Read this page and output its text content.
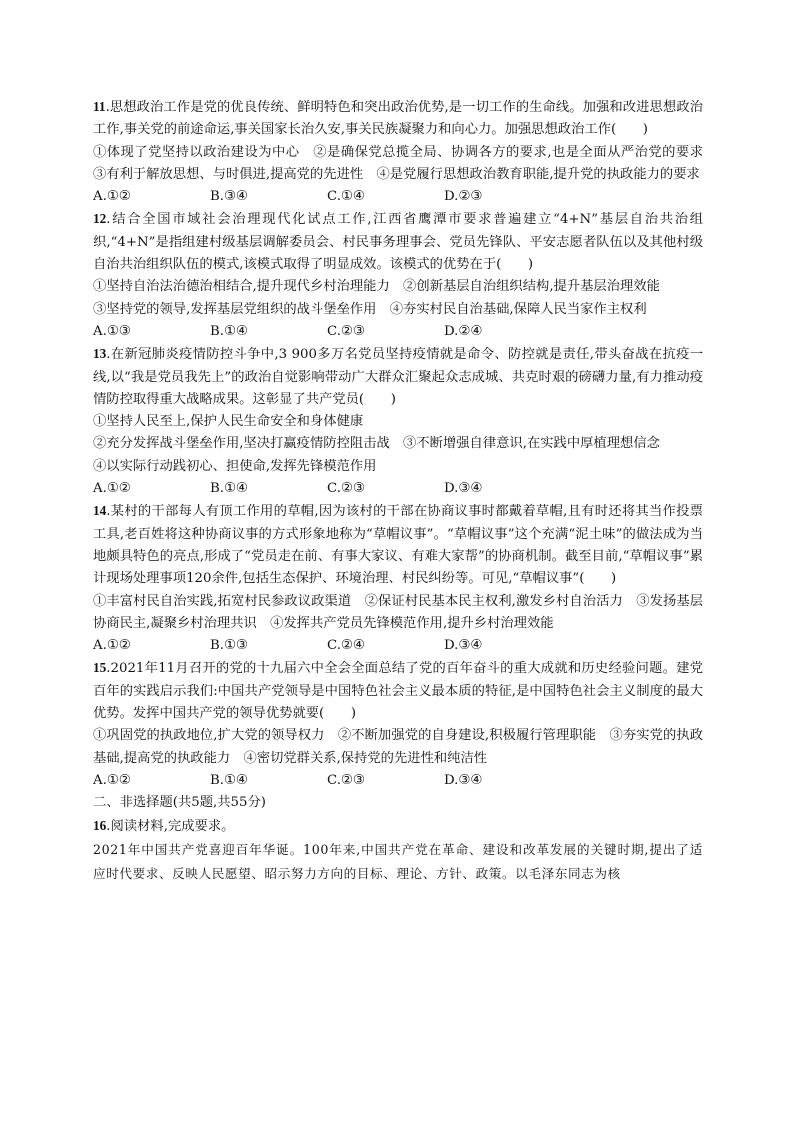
11.思想政治工作是党的优良传统、鲜明特色和突出政治优势,是一切工作的生命线。加强和改进思想政治工作,事关党的前途命运,事关国家长治久安,事关民族凝聚力和向心力。加强思想政治工作(　　)
①体现了党坚持以政治建设为中心　②是确保党总揽全局、协调各方的要求,也是全面从严治党的要求　③有利于解放思想、与时俱进,提高党的先进性　④是党履行思想政治教育职能,提升党的执政能力的要求
A.①②	B.③④	C.①④	D.②③
12.结合全国市域社会治理现代化试点工作,江西省鹰潭市要求普遍建立“4+N”基层自治共治组织,“4+N”是指组建村级基层调解委员会、村民事务理事会、党员先锋队、平安志愿者队伍以及其他村级自治共治组织队伍的模式,该模式取得了明显成效。该模式的优势在于(　　)
①坚持自治法治德治相结合,提升现代乡村治理能力　②创新基层自治组织结构,提升基层治理效能
③坚持党的领导,发挥基层党组织的战斗堡垒作用　④夯实村民自治基础,保障人民当家作主权利
A.①③	B.①④	C.②③	D.②④
13.在新冠肺炎疫情防控斗争中,3 900多万名党员坚持疫情就是命令、防控就是责任,带头奋战在抗疫一线,以“我是党员我先上”的政治自觉影响带动广大群众汇聚起众志成城、共克时艰的磅礴力量,有力推动疫情防控取得重大战略成果。这彰显了共产党员(　　)
①坚持人民至上,保护人民生命安全和身体健康
②充分发挥战斗堡垒作用,坚决打赢疫情防控阻击战　③不断增强自律意识,在实践中厚植理想信念
④以实际行动践初心、担使命,发挥先锋模范作用
A.①②	B.①④	C.②③	D.③④
14.某村的干部每人有顶工作用的草帽,因为该村的干部在协商议事时都戴着草帽,且有时还将其当作投票工具,老百姓将这种协商议事的方式形象地称为“草帽议事”。“草帽议事”这个充满“泥土味”的做法成为当地颇具特色的亮点,形成了“党员走在前、有事大家议、有难大家帮”的协商机制。截至目前,“草帽议事”累计现场处理事项120余件,包括生态保护、环境治理、村民纠纷等。可见,“草帽议事”(　　)
①丰富村民自治实践,拓宽村民参政议政渠道　②保证村民基本民主权利,激发乡村自治活力　③发扬基层协商民主,凝聚乡村治理共识　④发挥共产党员先锋模范作用,提升乡村治理效能
A.①②	B.①③	C.②④	D.③④
15.2021年11月召开的党的十九届六中全会全面总结了党的百年奋斗的重大成就和历史经验问题。建党百年的实践启示我们:中国共产党领导是中国特色社会主义最本质的特征,是中国特色社会主义制度的最大优势。发挥中国共产党的领导优势就要(　　)
①巩固党的执政地位,扩大党的领导权力　②不断加强党的自身建设,积极履行管理职能　③夯实党的执政基础,提高党的执政能力　④密切党群关系,保持党的先进性和纯洁性
A.①②	B.①④	C.②③	D.③④
二、非选择题(共5题,共55分)
16.阅读材料,完成要求。
2021年中国共产党喜迎百年华诞。100年来,中国共产党在革命、建设和改革发展的关键时期,提出了适应时代要求、反映人民愿望、昭示努力方向的目标、理论、方针、政策。以毛泽东同志为核
